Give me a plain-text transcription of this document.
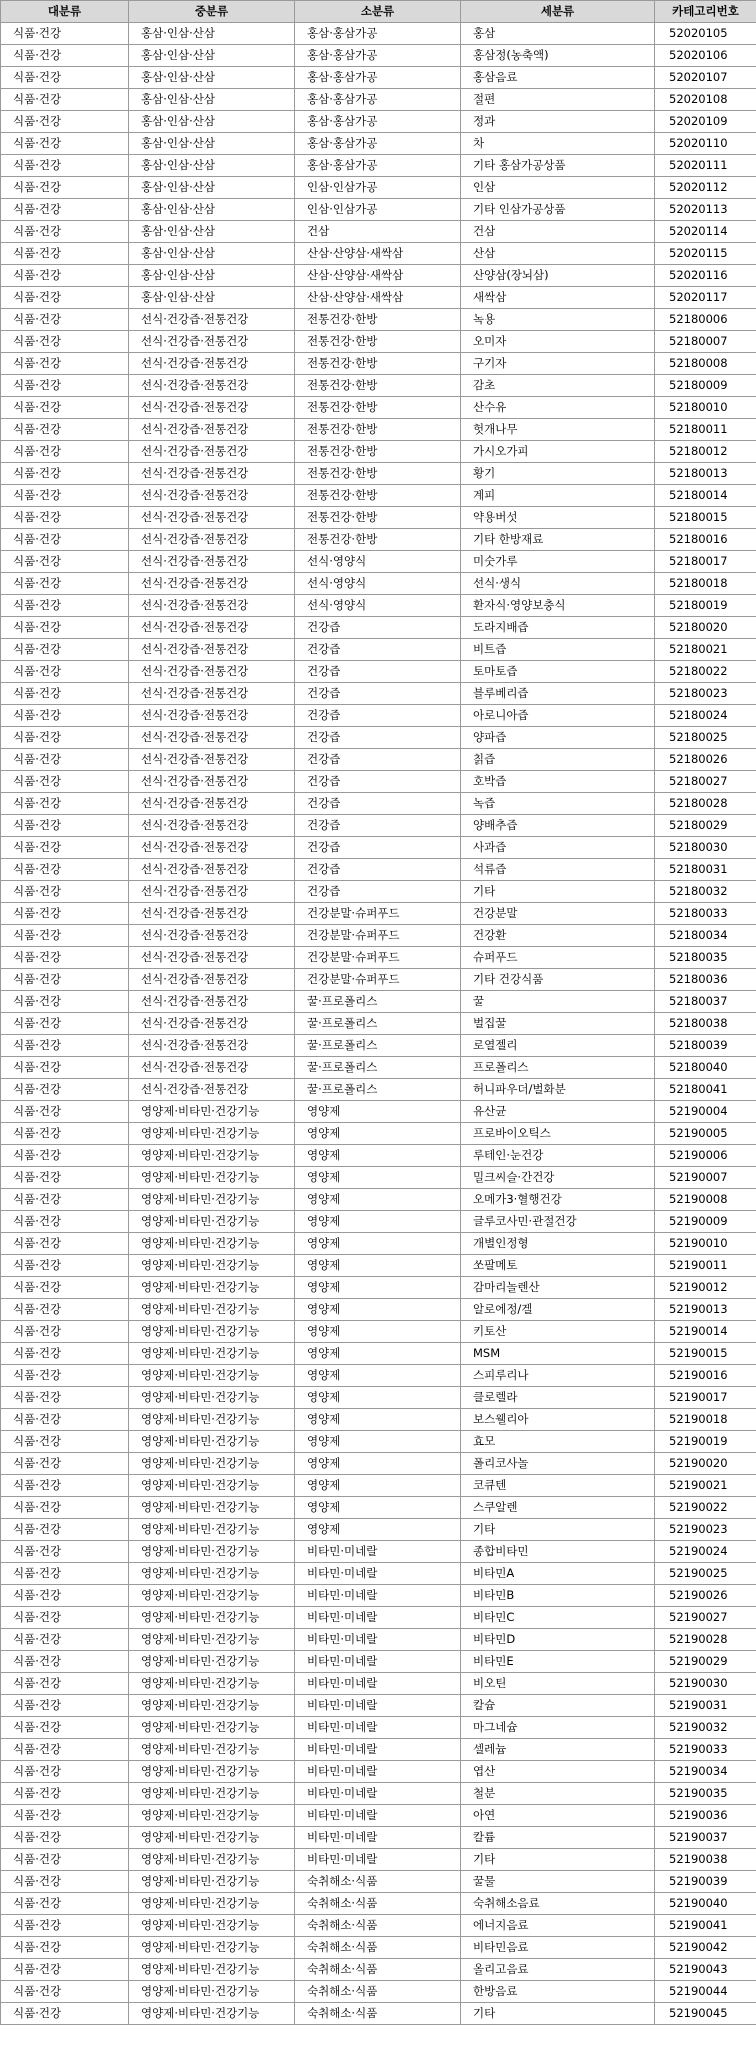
대분류	중분류	소분류	세분류	카테고리번호
식품·건강	홍삼·인삼·산삼	홍삼·홍삼가공	홍삼	52020105
식품·건강	홍삼·인삼·산삼	홍삼·홍삼가공	홍삼정(농축액)	52020106
식품·건강	홍삼·인삼·산삼	홍삼·홍삼가공	홍삼음료	52020107
식품·건강	홍삼·인삼·산삼	홍삼·홍삼가공	절편	52020108
식품·건강	홍삼·인삼·산삼	홍삼·홍삼가공	정과	52020109
식품·건강	홍삼·인삼·산삼	홍삼·홍삼가공	차	52020110
식품·건강	홍삼·인삼·산삼	홍삼·홍삼가공	기타 홍삼가공상품	52020111
식품·건강	홍삼·인삼·산삼	인삼·인삼가공	인삼	52020112
식품·건강	홍삼·인삼·산삼	인삼·인삼가공	기타 인삼가공상품	52020113
식품·건강	홍삼·인삼·산삼	건삼	건삼	52020114
식품·건강	홍삼·인삼·산삼	산삼·산양삼·새싹삼	산삼	52020115
식품·건강	홍삼·인삼·산삼	산삼·산양삼·새싹삼	산양삼(장뇌삼)	52020116
식품·건강	홍삼·인삼·산삼	산삼·산양삼·새싹삼	새싹삼	52020117
식품·건강	선식·건강즙·전통건강	전통건강·한방	녹용	52180006
식품·건강	선식·건강즙·전통건강	전통건강·한방	오미자	52180007
식품·건강	선식·건강즙·전통건강	전통건강·한방	구기자	52180008
식품·건강	선식·건강즙·전통건강	전통건강·한방	감초	52180009
식품·건강	선식·건강즙·전통건강	전통건강·한방	산수유	52180010
식품·건강	선식·건강즙·전통건강	전통건강·한방	헛개나무	52180011
식품·건강	선식·건강즙·전통건강	전통건강·한방	가시오가피	52180012
식품·건강	선식·건강즙·전통건강	전통건강·한방	황기	52180013
식품·건강	선식·건강즙·전통건강	전통건강·한방	계피	52180014
식품·건강	선식·건강즙·전통건강	전통건강·한방	약용버섯	52180015
식품·건강	선식·건강즙·전통건강	전통건강·한방	기타 한방재료	52180016
식품·건강	선식·건강즙·전통건강	선식·영양식	미숫가루	52180017
식품·건강	선식·건강즙·전통건강	선식·영양식	선식·생식	52180018
식품·건강	선식·건강즙·전통건강	선식·영양식	환자식·영양보충식	52180019
식품·건강	선식·건강즙·전통건강	건강즙	도라지배즙	52180020
식품·건강	선식·건강즙·전통건강	건강즙	비트즙	52180021
식품·건강	선식·건강즙·전통건강	건강즙	토마토즙	52180022
식품·건강	선식·건강즙·전통건강	건강즙	블루베리즙	52180023
식품·건강	선식·건강즙·전통건강	건강즙	아로니아즙	52180024
식품·건강	선식·건강즙·전통건강	건강즙	양파즙	52180025
식품·건강	선식·건강즙·전통건강	건강즙	칡즙	52180026
식품·건강	선식·건강즙·전통건강	건강즙	호박즙	52180027
식품·건강	선식·건강즙·전통건강	건강즙	녹즙	52180028
식품·건강	선식·건강즙·전통건강	건강즙	양배추즙	52180029
식품·건강	선식·건강즙·전통건강	건강즙	사과즙	52180030
식품·건강	선식·건강즙·전통건강	건강즙	석류즙	52180031
식품·건강	선식·건강즙·전통건강	건강즙	기타	52180032
식품·건강	선식·건강즙·전통건강	건강분말·슈퍼푸드	건강분말	52180033
식품·건강	선식·건강즙·전통건강	건강분말·슈퍼푸드	건강환	52180034
식품·건강	선식·건강즙·전통건강	건강분말·슈퍼푸드	슈퍼푸드	52180035
식품·건강	선식·건강즙·전통건강	건강분말·슈퍼푸드	기타 건강식품	52180036
식품·건강	선식·건강즙·전통건강	꿀·프로폴리스	꿀	52180037
식품·건강	선식·건강즙·전통건강	꿀·프로폴리스	벌집꿀	52180038
식품·건강	선식·건강즙·전통건강	꿀·프로폴리스	로열젤리	52180039
식품·건강	선식·건강즙·전통건강	꿀·프로폴리스	프로폴리스	52180040
식품·건강	선식·건강즙·전통건강	꿀·프로폴리스	허니파우더/벌화분	52180041
식품·건강	영양제·비타민·건강기능	영양제	유산균	52190004
식품·건강	영양제·비타민·건강기능	영양제	프로바이오틱스	52190005
식품·건강	영양제·비타민·건강기능	영양제	루테인·눈건강	52190006
식품·건강	영양제·비타민·건강기능	영양제	밀크씨슬·간건강	52190007
식품·건강	영양제·비타민·건강기능	영양제	오메가3·혈행건강	52190008
식품·건강	영양제·비타민·건강기능	영양제	글루코사민·관절건강	52190009
식품·건강	영양제·비타민·건강기능	영양제	개별인정형	52190010
식품·건강	영양제·비타민·건강기능	영양제	쏘팔메토	52190011
식품·건강	영양제·비타민·건강기능	영양제	감마리놀렌산	52190012
식품·건강	영양제·비타민·건강기능	영양제	알로에정/겔	52190013
식품·건강	영양제·비타민·건강기능	영양제	키토산	52190014
식품·건강	영양제·비타민·건강기능	영양제	MSM	52190015
식품·건강	영양제·비타민·건강기능	영양제	스피루리나	52190016
식품·건강	영양제·비타민·건강기능	영양제	클로렐라	52190017
식품·건강	영양제·비타민·건강기능	영양제	보스웰리아	52190018
식품·건강	영양제·비타민·건강기능	영양제	효모	52190019
식품·건강	영양제·비타민·건강기능	영양제	폴리코사놀	52190020
식품·건강	영양제·비타민·건강기능	영양제	코큐텐	52190021
식품·건강	영양제·비타민·건강기능	영양제	스쿠알렌	52190022
식품·건강	영양제·비타민·건강기능	영양제	기타	52190023
식품·건강	영양제·비타민·건강기능	비타민·미네랄	종합비타민	52190024
식품·건강	영양제·비타민·건강기능	비타민·미네랄	비타민A	52190025
식품·건강	영양제·비타민·건강기능	비타민·미네랄	비타민B	52190026
식품·건강	영양제·비타민·건강기능	비타민·미네랄	비타민C	52190027
식품·건강	영양제·비타민·건강기능	비타민·미네랄	비타민D	52190028
식품·건강	영양제·비타민·건강기능	비타민·미네랄	비타민E	52190029
식품·건강	영양제·비타민·건강기능	비타민·미네랄	비오틴	52190030
식품·건강	영양제·비타민·건강기능	비타민·미네랄	칼슘	52190031
식품·건강	영양제·비타민·건강기능	비타민·미네랄	마그네슘	52190032
식품·건강	영양제·비타민·건강기능	비타민·미네랄	셀레늄	52190033
식품·건강	영양제·비타민·건강기능	비타민·미네랄	엽산	52190034
식품·건강	영양제·비타민·건강기능	비타민·미네랄	철분	52190035
식품·건강	영양제·비타민·건강기능	비타민·미네랄	아연	52190036
식품·건강	영양제·비타민·건강기능	비타민·미네랄	칼륨	52190037
식품·건강	영양제·비타민·건강기능	비타민·미네랄	기타	52190038
식품·건강	영양제·비타민·건강기능	숙취해소·식품	꿀물	52190039
식품·건강	영양제·비타민·건강기능	숙취해소·식품	숙취해소음료	52190040
식품·건강	영양제·비타민·건강기능	숙취해소·식품	에너지음료	52190041
식품·건강	영양제·비타민·건강기능	숙취해소·식품	비타민음료	52190042
식품·건강	영양제·비타민·건강기능	숙취해소·식품	올리고음료	52190043
식품·건강	영양제·비타민·건강기능	숙취해소·식품	한방음료	52190044
식품·건강	영양제·비타민·건강기능	숙취해소·식품	기타	52190045
